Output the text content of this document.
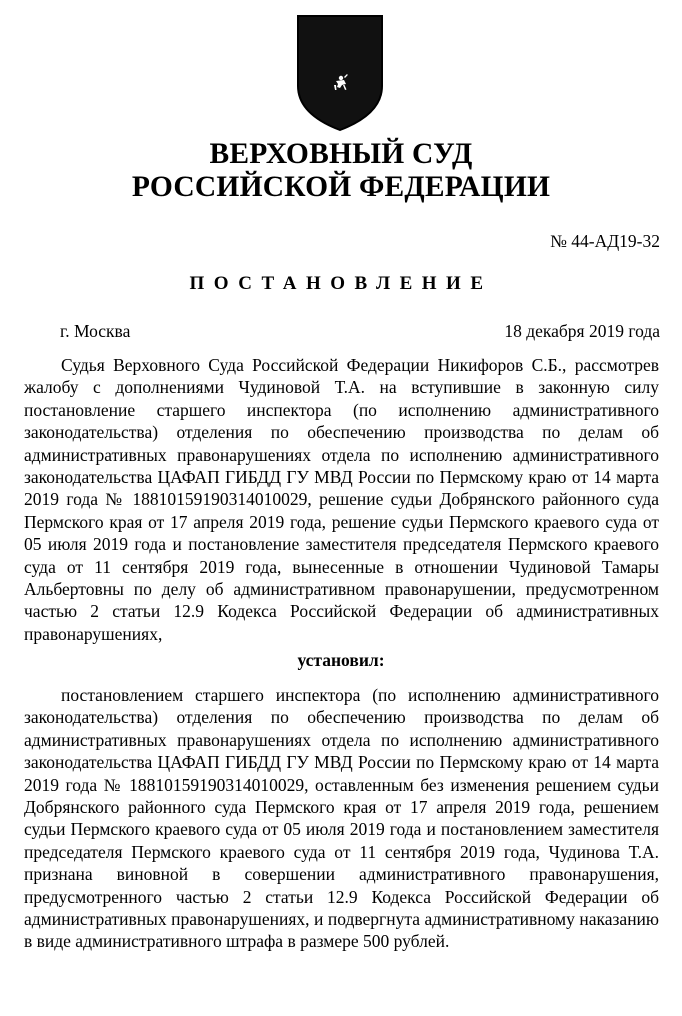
ВЕРХОВНЫЙ СУД
РОССИЙСКОЙ ФЕДЕРАЦИИ
№ 44-АД19-32
ПОСТАНОВЛЕНИЕ
г. Москва	18 декабря 2019 года

Судья Верховного Суда Российской Федерации Никифоров С.Б., рассмотрев жалобу с дополнениями Чудиновой Т.А. на вступившие в законную силу постановление старшего инспектора (по исполнению административного законодательства) отделения по обеспечению производства по делам об административных правонарушениях отдела по исполнению административного законодательства ЦАФАП ГИБДД ГУ МВД России по Пермскому краю от 14 марта 2019 года № 18810159190314010029, решение судьи Добрянского районного суда Пермского края от 17 апреля 2019 года, решение судьи Пермского краевого суда от 05 июля 2019 года и постановление заместителя председателя Пермского краевого суда от 11 сентября 2019 года, вынесенные в отношении Чудиновой Тамары Альбертовны по делу об административном правонарушении, предусмотренном частью 2 статьи 12.9 Кодекса Российской Федерации об административных правонарушениях,

установил:

постановлением старшего инспектора (по исполнению административного законодательства) отделения по обеспечению производства по делам об административных правонарушениях отдела по исполнению административного законодательства ЦАФАП ГИБДД ГУ МВД России по Пермскому краю от 14 марта 2019 года № 18810159190314010029, оставленным без изменения решением судьи Добрянского районного суда Пермского края от 17 апреля 2019 года, решением судьи Пермского краевого суда от 05 июля 2019 года и постановлением заместителя председателя Пермского краевого суда от 11 сентября 2019 года, Чудинова Т.А. признана виновной в совершении административного правонарушения, предусмотренного частью 2 статьи 12.9 Кодекса Российской Федерации об административных правонарушениях, и подвергнута административному наказанию в виде административного штрафа в размере 500 рублей.
